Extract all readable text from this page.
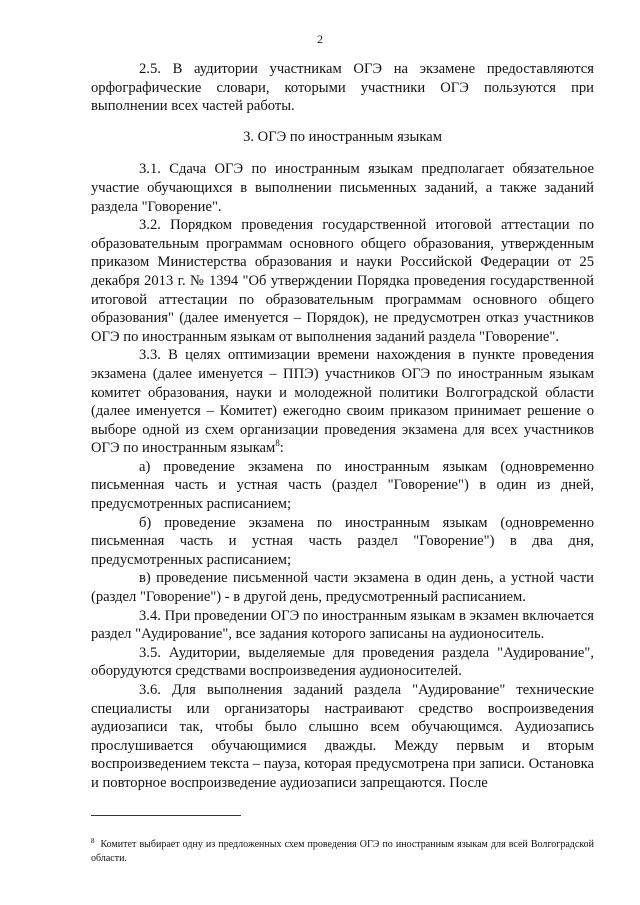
2

2.5. В аудитории участникам ОГЭ на экзамене предоставляются орфографические словари, которыми участники ОГЭ пользуются при выполнении всех частей работы.

3. ОГЭ по иностранным языкам

3.1. Сдача ОГЭ по иностранным языкам предполагает обязательное участие обучающихся в выполнении письменных заданий, а также заданий раздела "Говорение".

3.2. Порядком проведения государственной итоговой аттестации по образовательным программам основного общего образования, утвержденным приказом Министерства образования и науки Российской Федерации от 25 декабря 2013 г. № 1394 "Об утверждении Порядка проведения государственной итоговой аттестации по образовательным программам основного общего образования" (далее именуется – Порядок), не предусмотрен отказ участников ОГЭ по иностранным языкам от выполнения заданий раздела "Говорение".

3.3. В целях оптимизации времени нахождения в пункте проведения экзамена (далее именуется – ППЭ) участников ОГЭ по иностранным языкам комитет образования, науки и молодежной политики Волгоградской области (далее именуется – Комитет) ежегодно своим приказом принимает решение о выборе одной из схем организации проведения экзамена для всех участников ОГЭ по иностранным языкам$^8$:

а) проведение экзамена по иностранным языкам (одновременно письменная часть и устная часть (раздел "Говорение") в один из дней, предусмотренных расписанием;

б) проведение экзамена по иностранным языкам (одновременно письменная часть и устная часть раздел "Говорение") в два дня, предусмотренных расписанием;

в) проведение письменной части экзамена в один день, а устной части (раздел "Говорение") - в другой день, предусмотренный расписанием.

3.4. При проведении ОГЭ по иностранным языкам в экзамен включается раздел "Аудирование", все задания которого записаны на аудионоситель.

3.5. Аудитории, выделяемые для проведения раздела "Аудирование", оборудуются средствами воспроизведения аудионосителей.

3.6. Для выполнения заданий раздела "Аудирование" технические специалисты или организаторы настраивают средство воспроизведения аудиозаписи так, чтобы было слышно всем обучающимся. Аудиозапись прослушивается обучающимися дважды. Между первым и вторым воспроизведением текста – пауза, которая предусмотрена при записи. Остановка и повторное воспроизведение аудиозаписи запрещаются. После

$^8$ Комитет выбирает одну из предложенных схем проведения ОГЭ по иностранным языкам для всей Волгоградской области.
